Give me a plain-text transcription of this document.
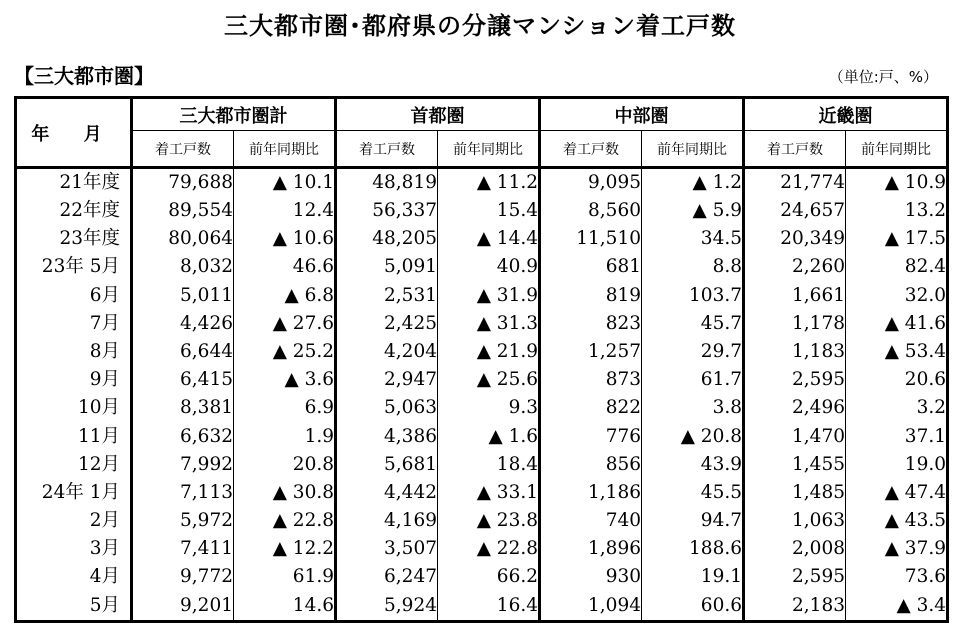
三大都市圏･都府県の分譲マンション着工戸数
【三大都市圏】	（単位:戸、%）
年 月	三大都市圏計		首都圏		中部圏		近畿圏	
	着工戸数	前年同期比	着工戸数	前年同期比	着工戸数	前年同期比	着工戸数	前年同期比
21年度	79,688	▲ 10.1	48,819	▲ 11.2	9,095	▲ 1.2	21,774	▲ 10.9
22年度	89,554	12.4	56,337	15.4	8,560	▲ 5.9	24,657	13.2
23年度	80,064	▲ 10.6	48,205	▲ 14.4	11,510	34.5	20,349	▲ 17.5
23年 5月	8,032	46.6	5,091	40.9	681	8.8	2,260	82.4
6月	5,011	▲ 6.8	2,531	▲ 31.9	819	103.7	1,661	32.0
7月	4,426	▲ 27.6	2,425	▲ 31.3	823	45.7	1,178	▲ 41.6
8月	6,644	▲ 25.2	4,204	▲ 21.9	1,257	29.7	1,183	▲ 53.4
9月	6,415	▲ 3.6	2,947	▲ 25.6	873	61.7	2,595	20.6
10月	8,381	6.9	5,063	9.3	822	3.8	2,496	3.2
11月	6,632	1.9	4,386	▲ 1.6	776	▲ 20.8	1,470	37.1
12月	7,992	20.8	5,681	18.4	856	43.9	1,455	19.0
24年 1月	7,113	▲ 30.8	4,442	▲ 33.1	1,186	45.5	1,485	▲ 47.4
2月	5,972	▲ 22.8	4,169	▲ 23.8	740	94.7	1,063	▲ 43.5
3月	7,411	▲ 12.2	3,507	▲ 22.8	1,896	188.6	2,008	▲ 37.9
4月	9,772	61.9	6,247	66.2	930	19.1	2,595	73.6
5月	9,201	14.6	5,924	16.4	1,094	60.6	2,183	▲ 3.4
